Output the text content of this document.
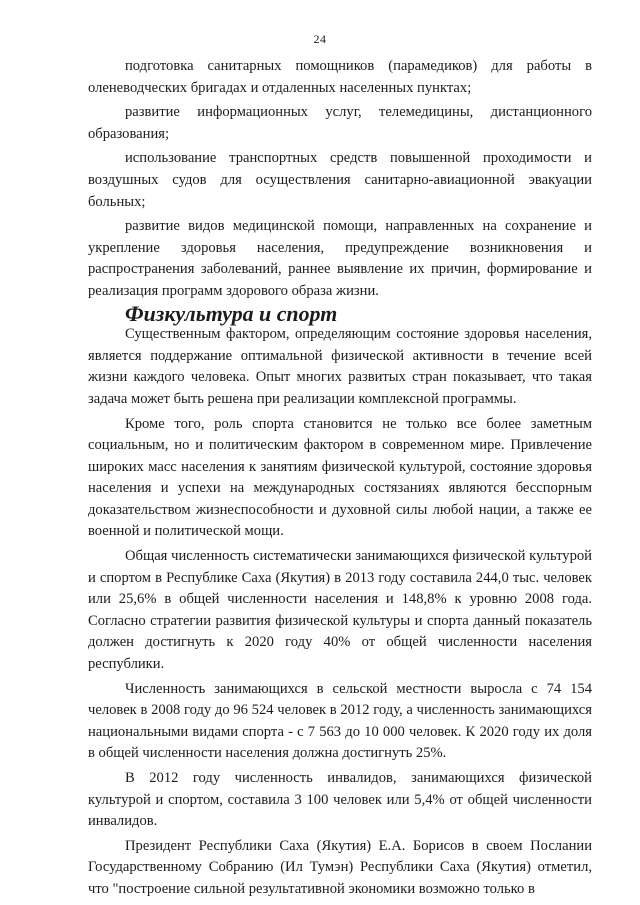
24

подготовка санитарных помощников (парамедиков) для работы в оленеводческих бригадах и отдаленных населенных пунктах;

развитие информационных услуг, телемедицины, дистанционного образования;

использование транспортных средств повышенной проходимости и воздушных судов для осуществления санитарно-авиационной эвакуации больных;

развитие видов медицинской помощи, направленных на сохранение и укрепление здоровья населения, предупреждение возникновения и распространения заболеваний, раннее выявление их причин, формирование и реализация программ здорового образа жизни.

Физкультура и спорт

Существенным фактором, определяющим состояние здоровья населения, является поддержание оптимальной физической активности в течение всей жизни каждого человека. Опыт многих развитых стран показывает, что такая задача может быть решена при реализации комплексной программы.

Кроме того, роль спорта становится не только все более заметным социальным, но и политическим фактором в современном мире. Привлечение широких масс населения к занятиям физической культурой, состояние здоровья населения и успехи на международных состязаниях являются бесспорным доказательством жизнеспособности и духовной силы любой нации, а также ее военной и политической мощи.

Общая численность систематически занимающихся физической культурой и спортом в Республике Саха (Якутия) в 2013 году составила 244,0 тыс. человек или 25,6% в общей численности населения и 148,8% к уровню 2008 года. Согласно стратегии развития физической культуры и спорта данный показатель должен достигнуть к 2020 году 40% от общей численности населения республики.

Численность занимающихся в сельской местности выросла с 74 154 человек в 2008 году до 96 524 человек в 2012 году, а численность занимающихся национальными видами спорта - с 7 563 до 10 000 человек. К 2020 году их доля в общей численности населения должна достигнуть 25%.

В 2012 году численность инвалидов, занимающихся физической культурой и спортом, составила 3 100 человек или 5,4% от общей численности инвалидов.

Президент Республики Саха (Якутия) Е.А. Борисов в своем Послании Государственному Собранию (Ил Тумэн) Республики Саха (Якутия) отметил, что "построение сильной результативной экономики возможно только в
